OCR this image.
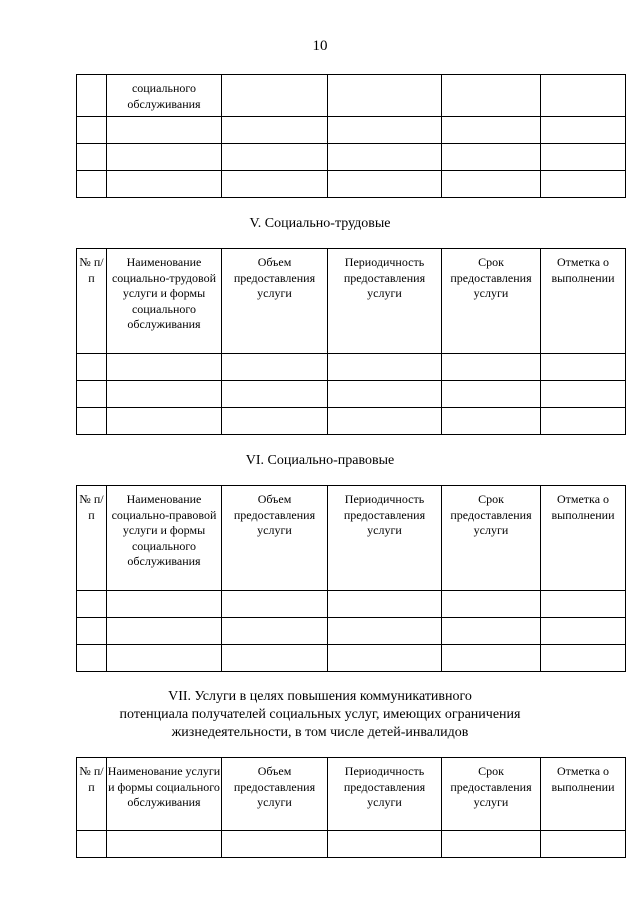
10
	социального обслуживания				

V. Социально-трудовые
№ п/п	Наименование социально-трудовой услуги и формы социального обслуживания	Объем предоставления услуги	Периодичность предоставления услуги	Срок предоставления услуги	Отметка о выполнении

VI. Социально-правовые
№ п/п	Наименование социально-правовой услуги и формы социального обслуживания	Объем предоставления услуги	Периодичность предоставления услуги	Срок предоставления услуги	Отметка о выполнении

VII. Услуги в целях повышения коммуникативного
потенциала получателей социальных услуг, имеющих ограничения
жизнедеятельности, в том числе детей-инвалидов
№ п/п	Наименование услуги и формы социального обслуживания	Объем предоставления услуги	Периодичность предоставления услуги	Срок предоставления услуги	Отметка о выполнении
